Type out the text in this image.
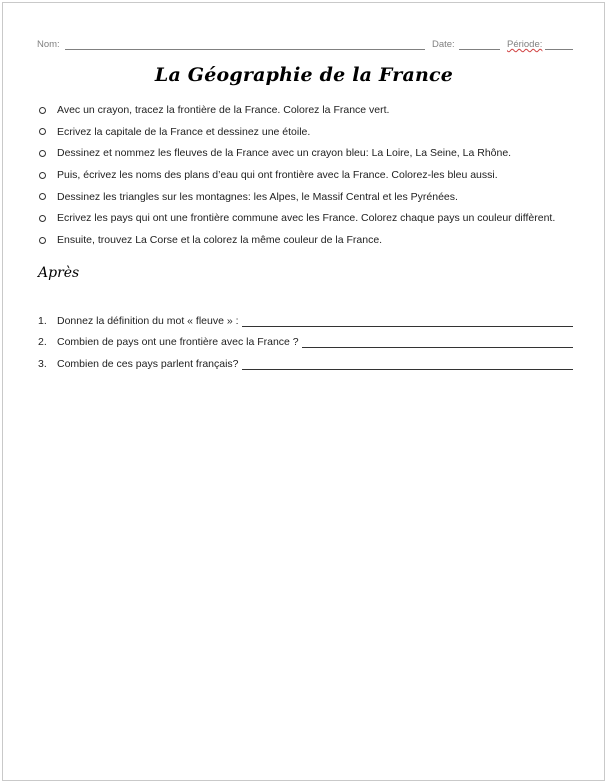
Nom:	Date:	Période:
La Géographie de la France
Avec un crayon, tracez la frontière de la France. Colorez la France vert.
Ecrivez la capitale de la France et dessinez une étoile.
Dessinez et nommez les fleuves de la France avec un crayon bleu: La Loire, La Seine, La Rhône.
Puis, écrivez les noms des plans d’eau qui ont frontière avec la France. Colorez-les bleu aussi.
Dessinez les triangles sur les montagnes: les Alpes, le Massif Central et les Pyrénées.
Ecrivez les pays qui ont une frontière commune avec les France. Colorez chaque pays un couleur diffèrent.
Ensuite, trouvez La Corse et la colorez la même couleur de la France.
Après
1. Donnez la définition du mot « fleuve » :
2. Combien de pays ont une frontière avec la France ?
3. Combien de ces pays parlent français?
